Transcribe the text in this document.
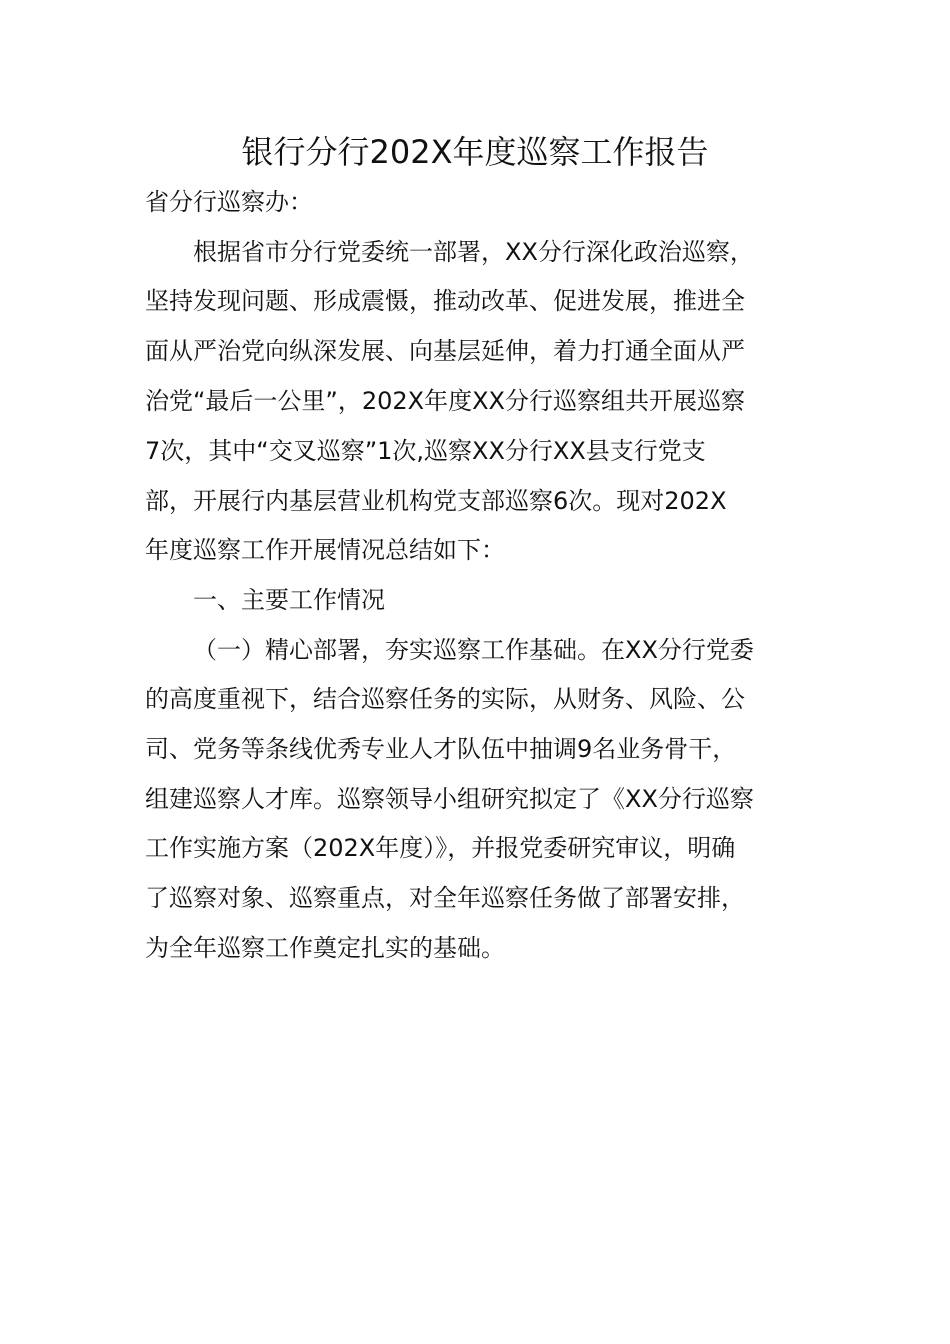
银行分行202X年度巡察工作报告

省分行巡察办：

根据省市分行党委统一部署，XX分行深化政治巡察，

坚持发现问题、形成震慑，推动改革、促进发展，推进全

面从严治党向纵深发展、向基层延伸，着力打通全面从严

治党“最后一公里”，202X年度XX分行巡察组共开展巡察

7次，其中“交叉巡察”1次,巡察XX分行XX县支行党支

部，开展行内基层营业机构党支部巡察6次。现对202X

年度巡察工作开展情况总结如下：

一、主要工作情况

（一）精心部署，夯实巡察工作基础。在XX分行党委

的高度重视下，结合巡察任务的实际，从财务、风险、公

司、党务等条线优秀专业人才队伍中抽调9名业务骨干，

组建巡察人才库。巡察领导小组研究拟定了《XX分行巡察

工作实施方案（202X年度）》，并报党委研究审议，明确

了巡察对象、巡察重点，对全年巡察任务做了部署安排，

为全年巡察工作奠定扎实的基础。
